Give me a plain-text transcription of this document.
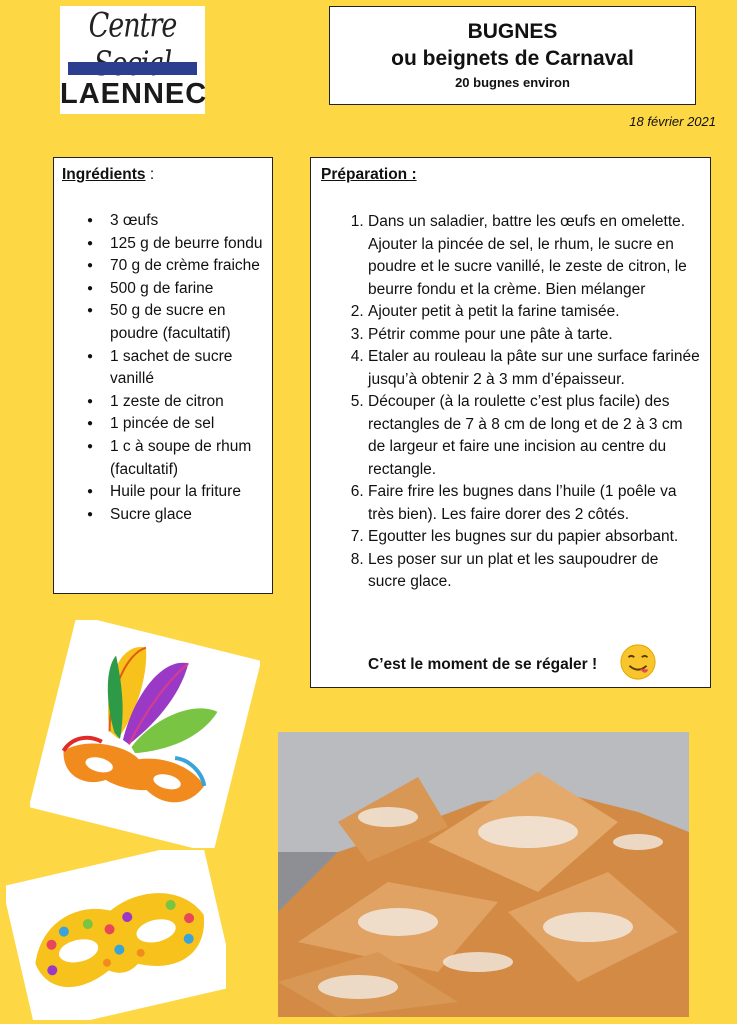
Centre
LAENNEC
BUGNES
ou beignets de Carnaval
20 bugnes environ
18 février 2021
Ingrédients :
● 3 œufs
● 125 g de beurre fondu
● 70 g de crème fraiche
● 500 g de farine
● 50 g de sucre en poudre (facultatif)
● 1 sachet de sucre vanillé
● 1 zeste de citron
● 1 pincée de sel
● 1 c à soupe de rhum (facultatif)
● Huile pour la friture
● Sucre glace
Préparation :
1. Dans un saladier, battre les œufs en omelette. Ajouter la pincée de sel, le rhum, le sucre en poudre et le sucre vanillé, le zeste de citron, le beurre fondu et la crème. Bien mélanger
2. Ajouter petit à petit la farine tamisée.
3. Pétrir comme pour une pâte à tarte.
4. Etaler au rouleau la pâte sur une surface farinée jusqu’à obtenir 2 à 3 mm d’épaisseur.
5. Découper (à la roulette c’est plus facile) des rectangles de 7 à 8 cm de long et de 2 à 3 cm de largeur et faire une incision au centre du rectangle.
6. Faire frire les bugnes dans l’huile (1 poêle va très bien). Les faire dorer des 2 côtés.
7. Egoutter les bugnes sur du papier absorbant.
8. Les poser sur un plat et les saupoudrer de sucre glace.
C’est le moment de se régaler !
